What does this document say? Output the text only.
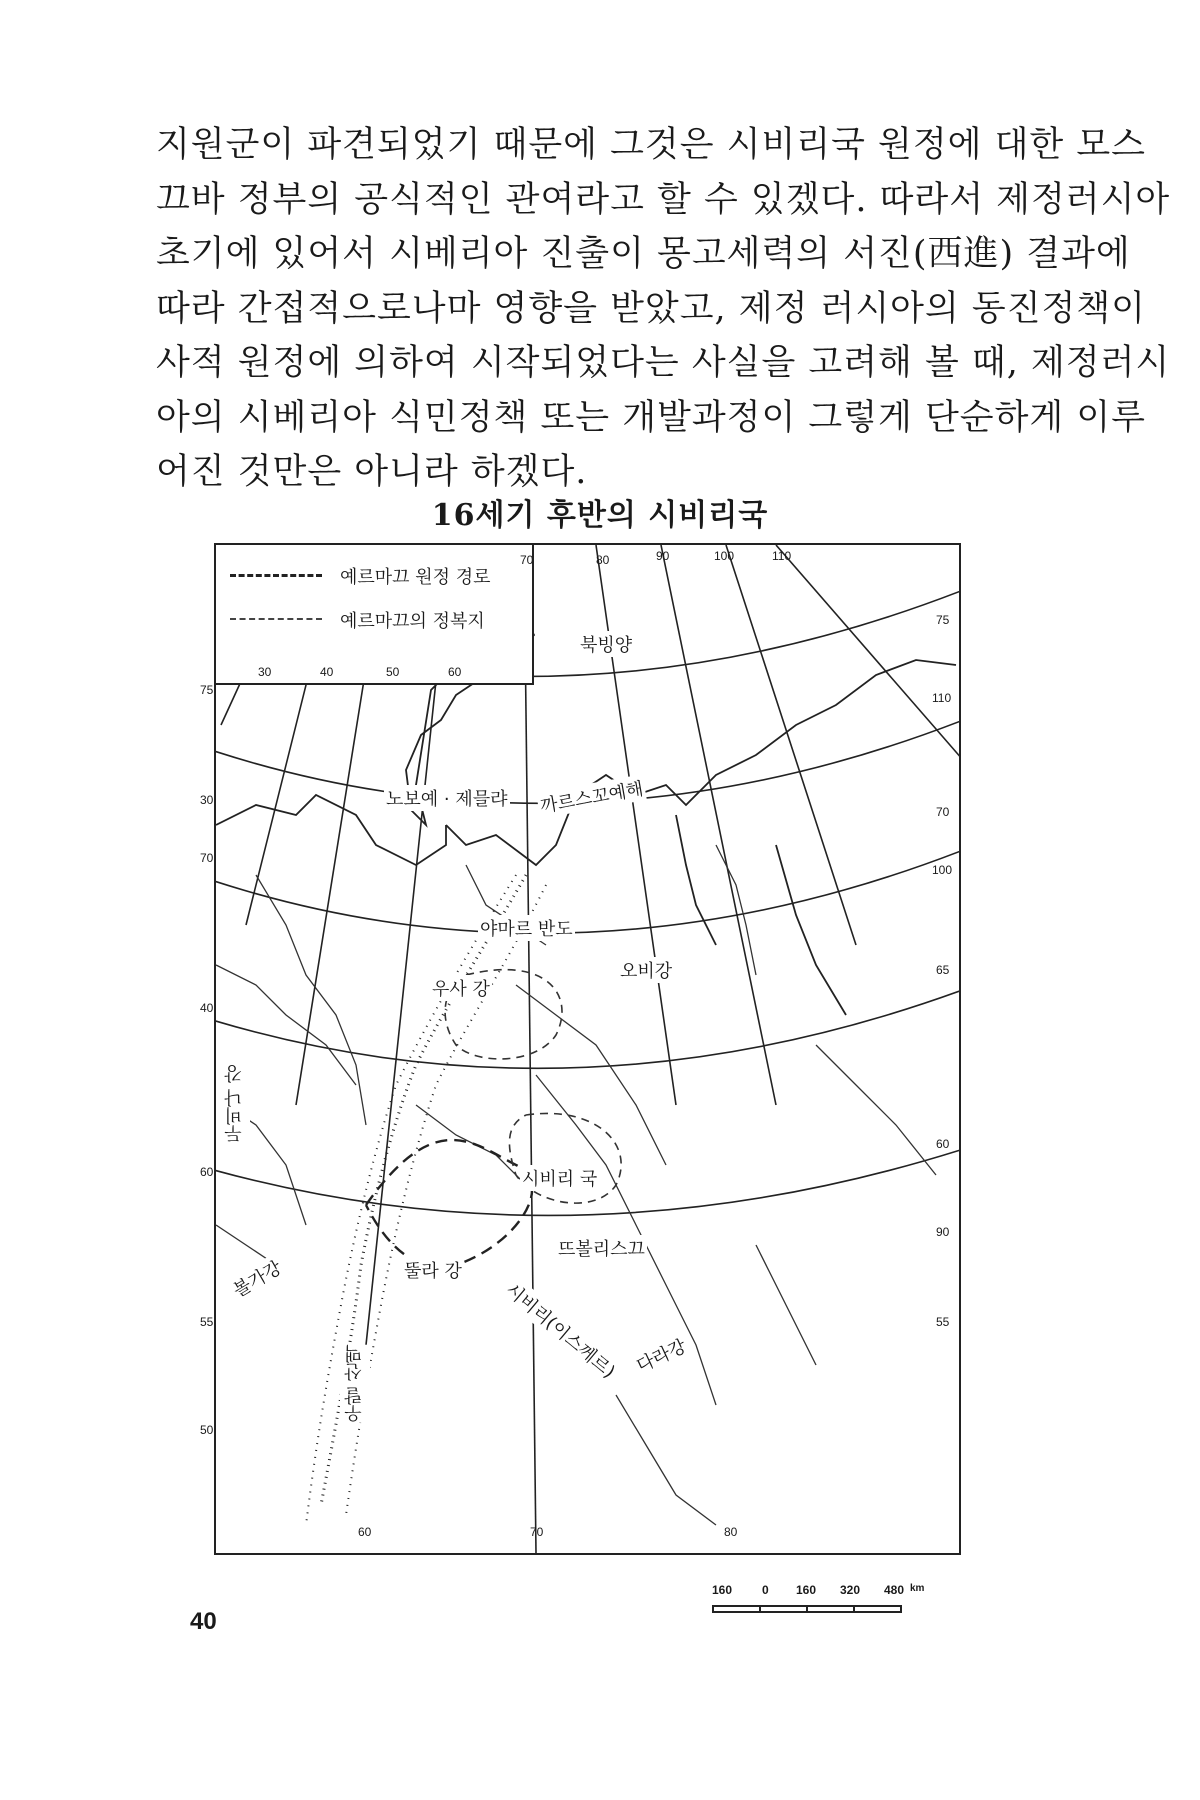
지원군이 파견되었기 때문에 그것은 시비리국 원정에 대한 모스
끄바 정부의 공식적인 관여라고 할 수 있겠다. 따라서 제정러시아
초기에 있어서 시베리아 진출이 몽고세력의 서진(西進) 결과에
따라 간접적으로나마 영향을 받았고, 제정 러시아의 동진정책이
사적 원정에 의하여 시작되었다는 사실을 고려해 볼 때, 제정러시
아의 시베리아 식민정책 또는 개발과정이 그렇게 단순하게 이루
어진 것만은 아니라 하겠다.
16세기 후반의 시비리국
예르마끄 원정 경로
예르마끄의 정복지
70	80	90	100	110
30	40	50	60
75
30
70
40
60
55
50
75
110
70
100
65
60
90
55
60	70	80
북빙양
노보예 · 제믈랴 까르스꼬예해
야마르 반도
우사 강
오비강
두비나 강
시비리 국
뜨볼리스끄
뚤라 강
볼가강
우랄 산맥
시비리(이스께르) 다라강
160 0 160 320 480 km
40
